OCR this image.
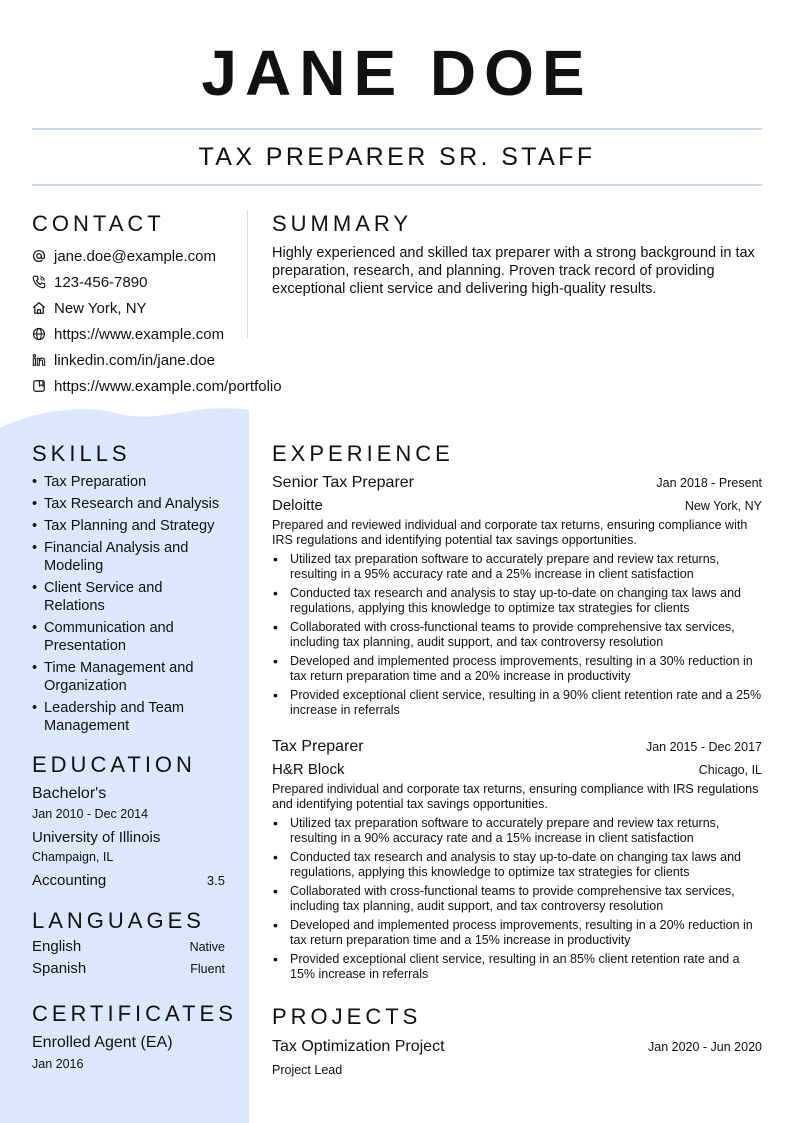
JANE DOE
TAX PREPARER SR. STAFF
CONTACT
jane.doe@example.com
123-456-7890
New York, NY
https://www.example.com
linkedin.com/in/jane.doe
https://www.example.com/portfolio
SUMMARY
Highly experienced and skilled tax preparer with a strong background in tax preparation, research, and planning. Proven track record of providing exceptional client service and delivering high-quality results.
SKILLS
• Tax Preparation
• Tax Research and Analysis
• Tax Planning and Strategy
• Financial Analysis and Modeling
• Client Service and Relations
• Communication and Presentation
• Time Management and Organization
• Leadership and Team Management
EDUCATION
Bachelor's
Jan 2010 - Dec 2014
University of Illinois
Champaign, IL
Accounting	3.5
LANGUAGES
English	Native
Spanish	Fluent
CERTIFICATES
Enrolled Agent (EA)
Jan 2016
EXPERIENCE
Senior Tax Preparer	Jan 2018 - Present
Deloitte	New York, NY
Prepared and reviewed individual and corporate tax returns, ensuring compliance with IRS regulations and identifying potential tax savings opportunities.
• Utilized tax preparation software to accurately prepare and review tax returns, resulting in a 95% accuracy rate and a 25% increase in client satisfaction
• Conducted tax research and analysis to stay up-to-date on changing tax laws and regulations, applying this knowledge to optimize tax strategies for clients
• Collaborated with cross-functional teams to provide comprehensive tax services, including tax planning, audit support, and tax controversy resolution
• Developed and implemented process improvements, resulting in a 30% reduction in tax return preparation time and a 20% increase in productivity
• Provided exceptional client service, resulting in a 90% client retention rate and a 25% increase in referrals
Tax Preparer	Jan 2015 - Dec 2017
H&R Block	Chicago, IL
Prepared individual and corporate tax returns, ensuring compliance with IRS regulations and identifying potential tax savings opportunities.
• Utilized tax preparation software to accurately prepare and review tax returns, resulting in a 90% accuracy rate and a 15% increase in client satisfaction
• Conducted tax research and analysis to stay up-to-date on changing tax laws and regulations, applying this knowledge to optimize tax strategies for clients
• Collaborated with cross-functional teams to provide comprehensive tax services, including tax planning, audit support, and tax controversy resolution
• Developed and implemented process improvements, resulting in a 20% reduction in tax return preparation time and a 15% increase in productivity
• Provided exceptional client service, resulting in an 85% client retention rate and a 15% increase in referrals
PROJECTS
Tax Optimization Project	Jan 2020 - Jun 2020
Project Lead
